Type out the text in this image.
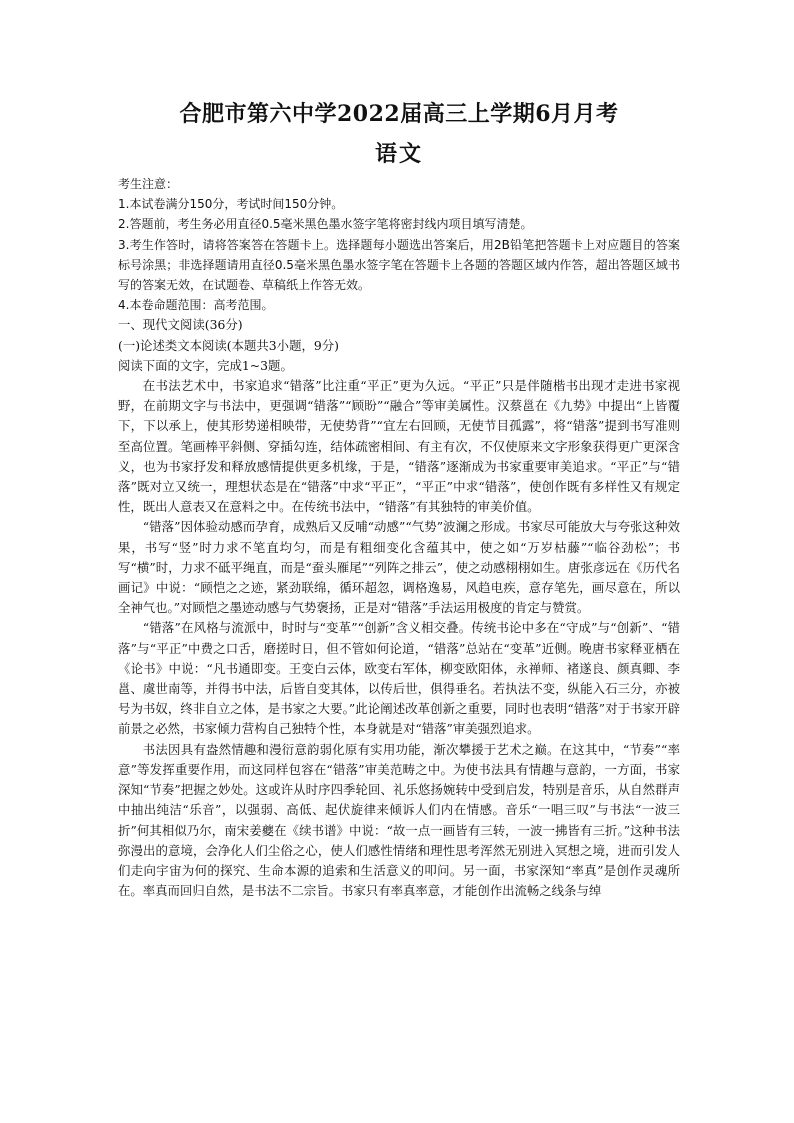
合肥市第六中学2022届高三上学期6月月考
语文

考生注意：

1.本试卷满分150分，考试时间150分钟。

2.答题前，考生务必用直径0.5毫米黑色墨水签字笔将密封线内项目填写清楚。

3.考生作答时，请将答案答在答题卡上。选择题每小题选出答案后，用2B铅笔把答题卡上对应题目的答案标号涂黑；非选择题请用直径0.5毫米黑色墨水签字笔在答题卡上各题的答题区域内作答，超出答题区域书写的答案无效，在试题卷、草稿纸上作答无效。

4.本卷命题范围：高考范围。

一、现代文阅读(36分)

(一)论述类文本阅读(本题共3小题，9分)

阅读下面的文字，完成1~3题。

在书法艺术中，书家追求“错落”比注重“平正”更为久远。“平正”只是伴随楷书出现才走进书家视野，在前期文字与书法中，更强调“错落”“顾盼”“融合”等审美属性。汉蔡邕在《九势》中提出“上皆覆下，下以承上，使其形势递相映带，无使势背”“宜左右回顾，无使节目孤露”，将“错落”提到书写准则至高位置。笔画棒平斜侧、穿插勾连，结体疏密相间、有主有次，不仅使原来文字形象获得更广更深含义，也为书家抒发和释放感情提供更多机缘，于是，“错落”逐渐成为书家重要审美追求。“平正”与“错落”既对立又统一，理想状态是在“错落”中求“平正”，“平正”中求“错落”，使创作既有多样性又有规定性，既出人意表又在意料之中。在传统书法中，“错落”有其独特的审美价值。

“错落”因体验动感而孕育，成熟后又反哺“动感”“气势”波澜之形成。书家尽可能放大与夸张这种效果，书写“竖”时力求不笔直均匀，而是有粗细变化含蕴其中，使之如“万岁枯藤”“临谷劲松”；书写“横”时，力求不砥平绳直，而是“蚕头雁尾”“列阵之排云”，使之动感栩栩如生。唐张彦远在《历代名画记》中说：“顾恺之之迹，紧劲联绵，循环超忽，调格逸易，风趋电疾，意存笔先，画尽意在，所以全神气也。”对顾恺之墨迹动感与气势褒扬，正是对“错落”手法运用极度的肯定与赞赏。

“错落”在风格与流派中，时时与“变革”“创新”含义相交叠。传统书论中多在“守成”与“创新”、“错落”与“平正”中费之口舌，磨搓时日，但不管如何论道，“错落”总站在“变革”近侧。晚唐书家释亚栖在《论书》中说：“凡书通即变。王变白云体，欧变右军体，柳变欧阳体，永禅师、褚遂良、颜真卿、李邕、虞世南等，并得书中法，后皆自变其体，以传后世，俱得垂名。若执法不变，纵能入石三分，亦被号为书奴，终非自立之体，是书家之大要。”此论阐述改革创新之重要，同时也表明“错落”对于书家开辟前景之必然，书家倾力营构自己独特个性，本身就是对“错落”审美强烈追求。

书法因具有盎然情趣和漫衍意韵弱化原有实用功能，渐次攀援于艺术之巅。在这其中，“节奏”“率意”等发挥重要作用，而这同样包容在“错落”审美范畴之中。为使书法具有情趣与意韵，一方面，书家深知“节奏”把握之妙处。这或许从时序四季轮回、礼乐悠扬婉转中受到启发，特别是音乐，从自然群声中抽出纯洁“乐音”，以强弱、高低、起伏旋律来倾诉人们内在情感。音乐“一唱三叹”与书法“一波三折”何其相似乃尔，南宋姜夔在《续书谱》中说：“故一点一画皆有三转，一波一拂皆有三折。”这种书法弥漫出的意境，会净化人们尘俗之心，使人们感性情绪和理性思考浑然无别进入冥想之境，进而引发人们走向宇宙为何的探究、生命本源的追索和生活意义的叩问。另一面，书家深知“率真”是创作灵魂所在。率真而回归自然，是书法不二宗旨。书家只有率真率意，才能创作出流畅之线条与绰
